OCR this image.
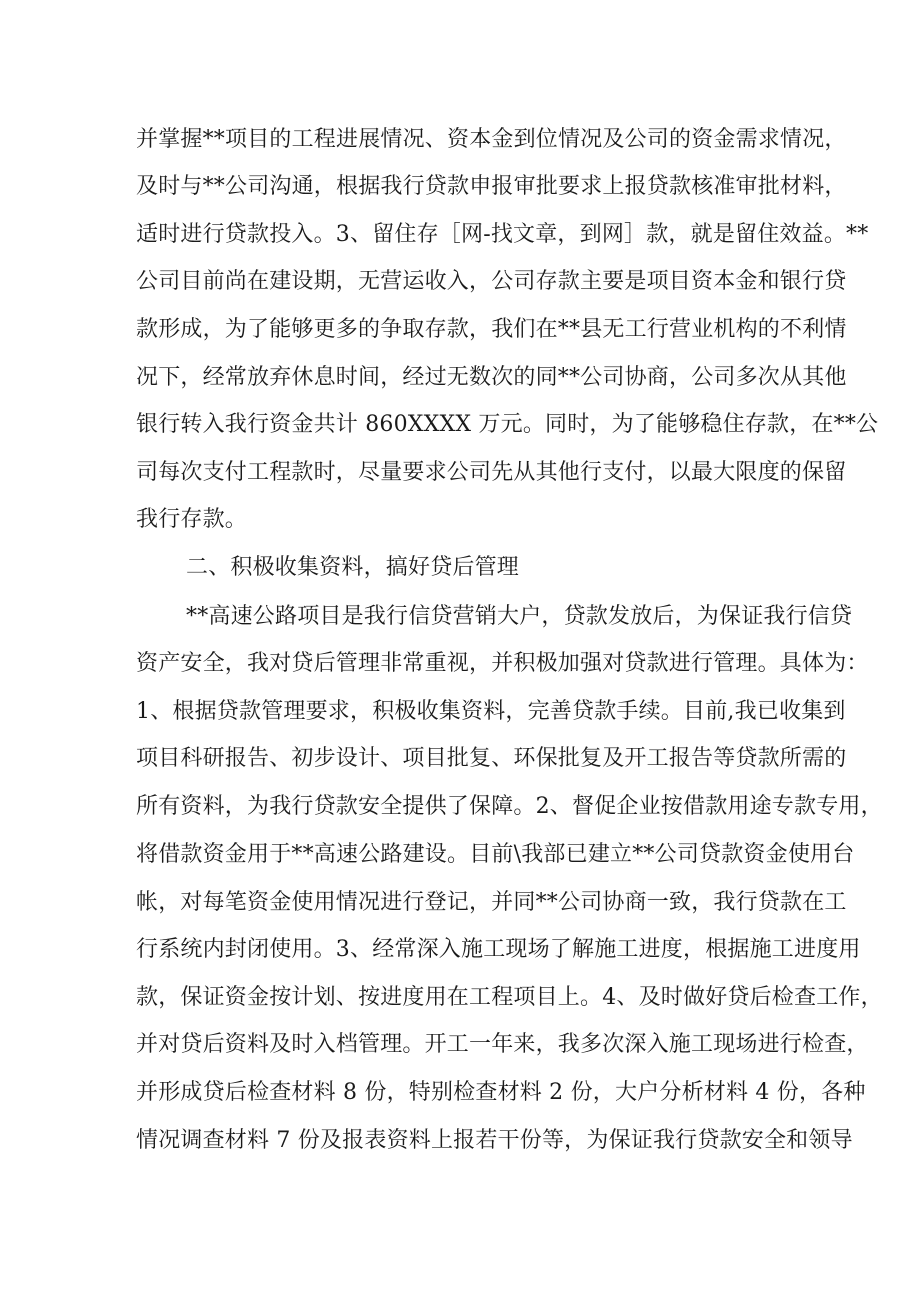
并掌握**项目的工程进展情况、资本金到位情况及公司的资金需求情况，
及时与**公司沟通，根据我行贷款申报审批要求上报贷款核准审批材料，
适时进行贷款投入。3、留住存［网-找文章，到网］款，就是留住效益。**
公司目前尚在建设期，无营运收入，公司存款主要是项目资本金和银行贷
款形成，为了能够更多的争取存款，我们在**县无工行营业机构的不利情
况下，经常放弃休息时间，经过无数次的同**公司协商，公司多次从其他
银行转入我行资金共计 860XXXX 万元。同时，为了能够稳住存款，在**公
司每次支付工程款时，尽量要求公司先从其他行支付，以最大限度的保留
我行存款。
二、积极收集资料，搞好贷后管理
**高速公路项目是我行信贷营销大户，贷款发放后，为保证我行信贷
资产安全，我对贷后管理非常重视，并积极加强对贷款进行管理。具体为：
1、根据贷款管理要求，积极收集资料，完善贷款手续。目前,我已收集到
项目科研报告、初步设计、项目批复、环保批复及开工报告等贷款所需的
所有资料，为我行贷款安全提供了保障。2、督促企业按借款用途专款专用，
将借款资金用于**高速公路建设。目前\我部已建立**公司贷款资金使用台
帐，对每笔资金使用情况进行登记，并同**公司协商一致，我行贷款在工
行系统内封闭使用。3、经常深入施工现场了解施工进度，根据施工进度用
款，保证资金按计划、按进度用在工程项目上。4、及时做好贷后检查工作，
并对贷后资料及时入档管理。开工一年来，我多次深入施工现场进行检查，
并形成贷后检查材料 8 份，特别检查材料 2 份，大户分析材料 4 份，各种
情况调查材料 7 份及报表资料上报若干份等，为保证我行贷款安全和领导
